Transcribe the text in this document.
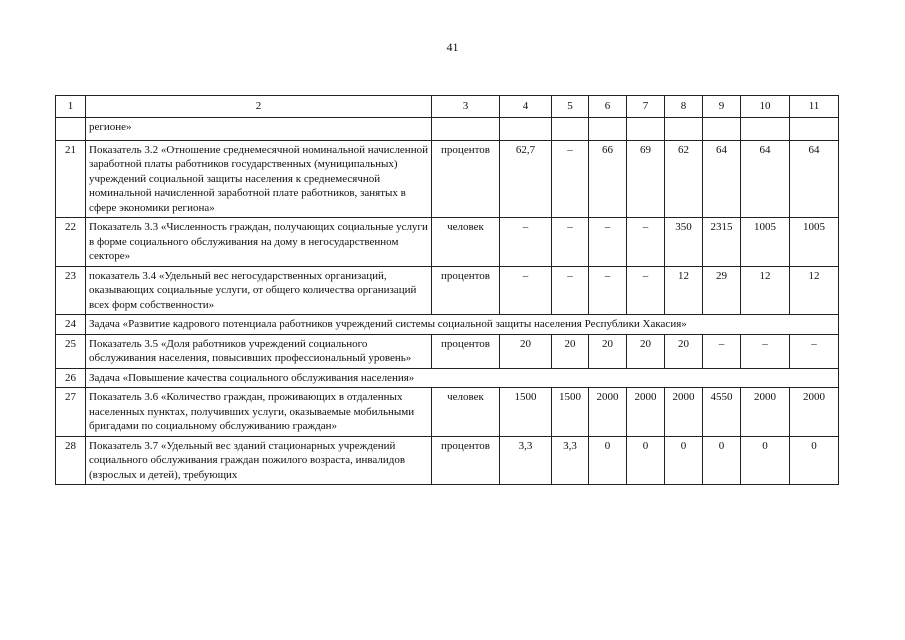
41
1	2	3	4	5	6	7	8	9	10	11
	регионе»									
21	Показатель 3.2 «Отношение среднемесячной номинальной начисленной заработной платы работников государственных (муниципальных) учреждений социальной защиты населения к среднемесячной номинальной начисленной заработной плате работников, занятых в сфере экономики региона»	процентов	62,7	–	66	69	62	64	64	64
22	Показатель 3.3 «Численность граждан, получающих социальные услуги в форме социального обслуживания на дому в негосударственном секторе»	человек	–	–	–	–	350	2315	1005	1005
23	показатель 3.4 «Удельный вес негосударственных организаций, оказывающих социальные услуги, от общего количества организаций всех форм собственности»	процентов	–	–	–	–	12	29	12	12
24	Задача «Развитие кадрового потенциала работников учреждений системы социальной защиты населения Республики Хакасия»									
25	Показатель 3.5 «Доля работников учреждений социального обслуживания населения, повысивших профессиональный уровень»	процентов	20	20	20	20	20	–	–	–
26	Задача «Повышение качества социального обслуживания населения»									
27	Показатель 3.6 «Количество граждан, проживающих в отдаленных населенных пунктах, получивших услуги, оказываемые мобильными бригадами по социальному обслуживанию граждан»	человек	1500	1500	2000	2000	2000	4550	2000	2000
28	Показатель 3.7 «Удельный вес зданий стационарных учреждений социального обслуживания граждан пожилого возраста, инвалидов (взрослых и детей), требующих	процентов	3,3	3,3	0	0	0	0	0	0
